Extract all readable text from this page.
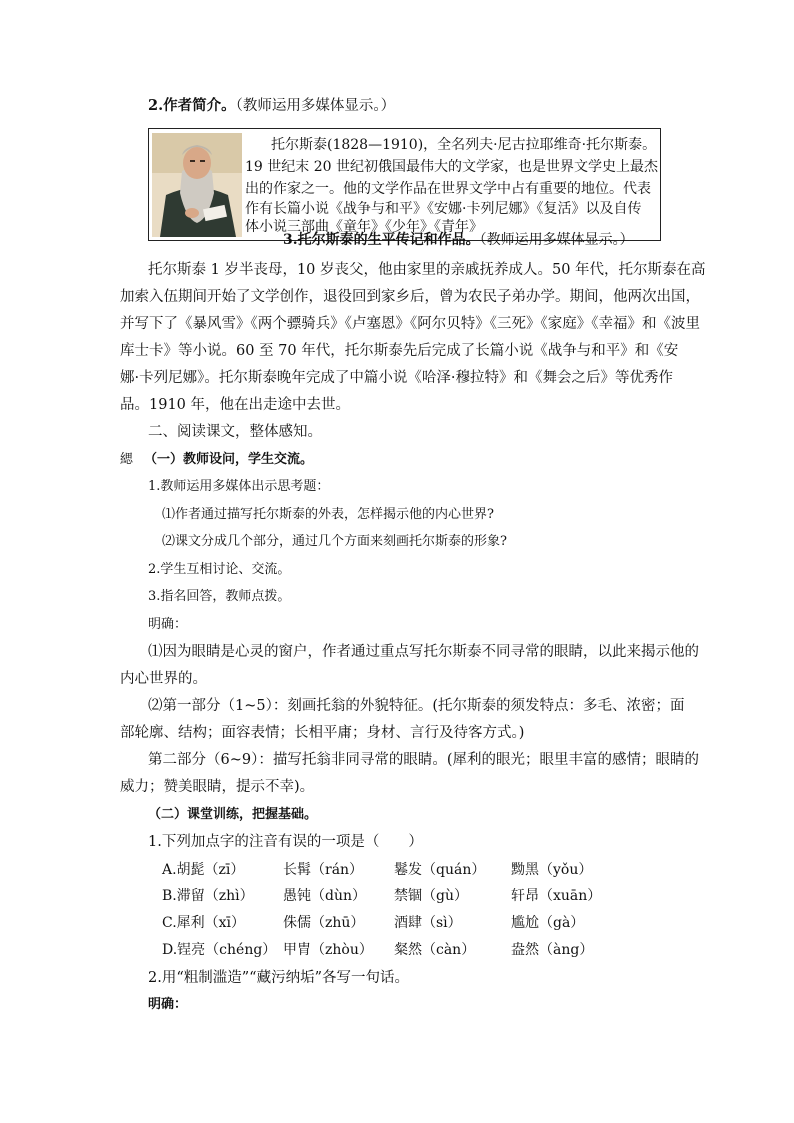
2.作者简介。（教师运用多媒体显示。）
托尔斯泰(1828—1910)，全名列夫·尼古拉耶维奇·托尔斯泰。
19 世纪末 20 世纪初俄国最伟大的文学家，也是世界文学史上最杰
出的作家之一。他的文学作品在世界文学中占有重要的地位。代表
作有长篇小说《战争与和平》《安娜·卡列尼娜》《复活》以及自传
体小说三部曲《童年》《少年》《青年》
3.托尔斯泰的生平传记和作品。（教师运用多媒体显示。）
托尔斯泰 1 岁半丧母，10 岁丧父，他由家里的亲戚抚养成人。50 年代，托尔斯泰在高
加索入伍期间开始了文学创作，退役回到家乡后，曾为农民子弟办学。期间，他两次出国，
并写下了《暴风雪》《两个骠骑兵》《卢塞恩》《阿尔贝特》《三死》《家庭》《幸福》和《波里
库士卡》等小说。60 至 70 年代，托尔斯泰先后完成了长篇小说《战争与和平》和《安
娜·卡列尼娜》。托尔斯泰晚年完成了中篇小说《哈泽·穆拉特》和《舞会之后》等优秀作
品。1910 年，他在出走途中去世。
二、阅读课文，整体感知。
緦 （一）教师设问，学生交流。
1.教师运用多媒体出示思考题：
⑴作者通过描写托尔斯泰的外表，怎样揭示他的内心世界?
⑵课文分成几个部分，通过几个方面来刻画托尔斯泰的形象?
2.学生互相讨论、交流。
3.指名回答，教师点拨。
明确：
⑴因为眼睛是心灵的窗户，作者通过重点写托尔斯泰不同寻常的眼睛，以此来揭示他的
内心世界的。
⑵第一部分（1~5）：刻画托翁的外貌特征。(托尔斯泰的须发特点：多毛、浓密；面
部轮廓、结构；面容表情；长相平庸；身材、言行及待客方式。)
第二部分（6~9）：描写托翁非同寻常的眼睛。(犀利的眼光；眼里丰富的感情；眼睛的
威力；赞美眼睛，提示不幸)。
（二）课堂训练，把握基础。
1.下列加点字的注音有误的一项是（　　）
A.胡髭（zī）	长髯（rán） 鬈发（quán） 黝黑（yǒu）
B.滞留（zhì） 愚钝（dùn） 禁锢（gù）	轩昂（xuān）
C.犀利（xī）	侏儒（zhū） 酒肆（sì）	尴尬（gà）
D.锃亮（chéng） 甲胄（zhòu） 粲然（càn）	盎然（àng）
2.用“粗制滥造”“藏污纳垢”各写一句话。
明确：
